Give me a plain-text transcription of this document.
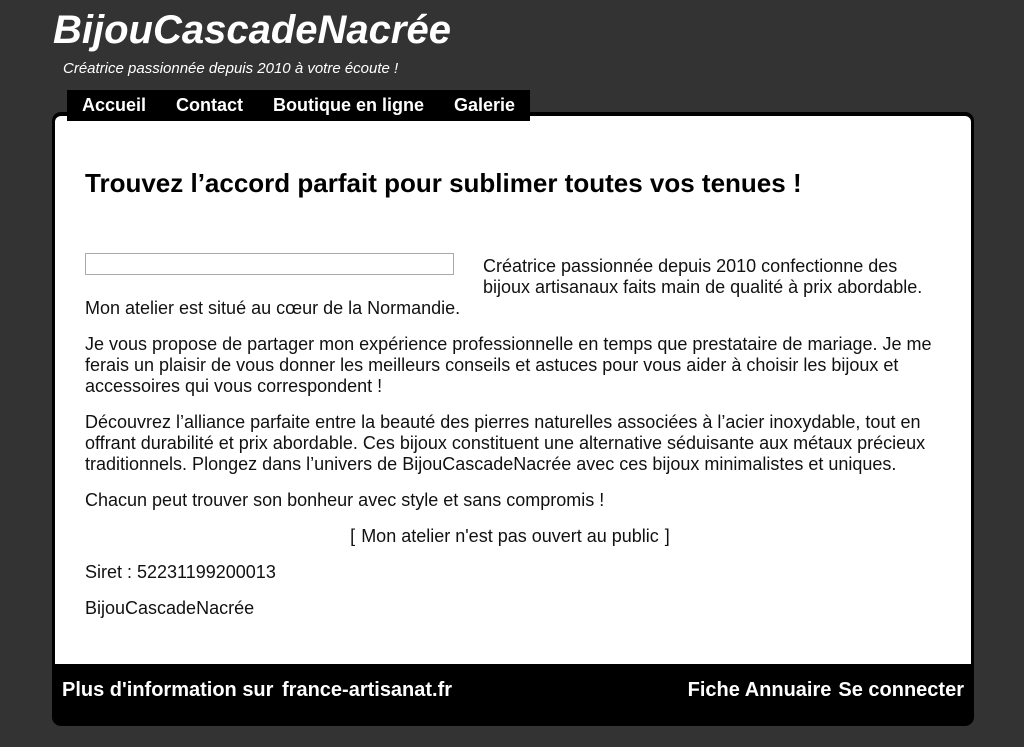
BijouCascadeNacrée
Créatrice passionnée depuis 2010 à votre écoute !
Accueil	Contact	Boutique en ligne	Galerie
Trouvez l’accord parfait pour sublimer toutes vos tenues !

Créatrice passionnée depuis 2010 confectionne des bijoux artisanaux faits main de qualité à prix abordable. Mon atelier est situé au cœur de la Normandie.

Je vous propose de partager mon expérience professionnelle en temps que prestataire de mariage. Je me ferais un plaisir de vous donner les meilleurs conseils et astuces pour vous aider à choisir les bijoux et accessoires qui vous correspondent !

Découvrez l’alliance parfaite entre la beauté des pierres naturelles associées à l’acier inoxydable, tout en offrant durabilité et prix abordable. Ces bijoux constituent une alternative séduisante aux métaux précieux traditionnels. Plongez dans l’univers de BijouCascadeNacrée avec ces bijoux minimalistes et uniques.

Chacun peut trouver son bonheur avec style et sans compromis !

[ Mon atelier n'est pas ouvert au public ]

Siret : 52231199200013

BijouCascadeNacrée

Plus d'information sur france-artisanat.fr	Fiche Annuaire Se connecter
